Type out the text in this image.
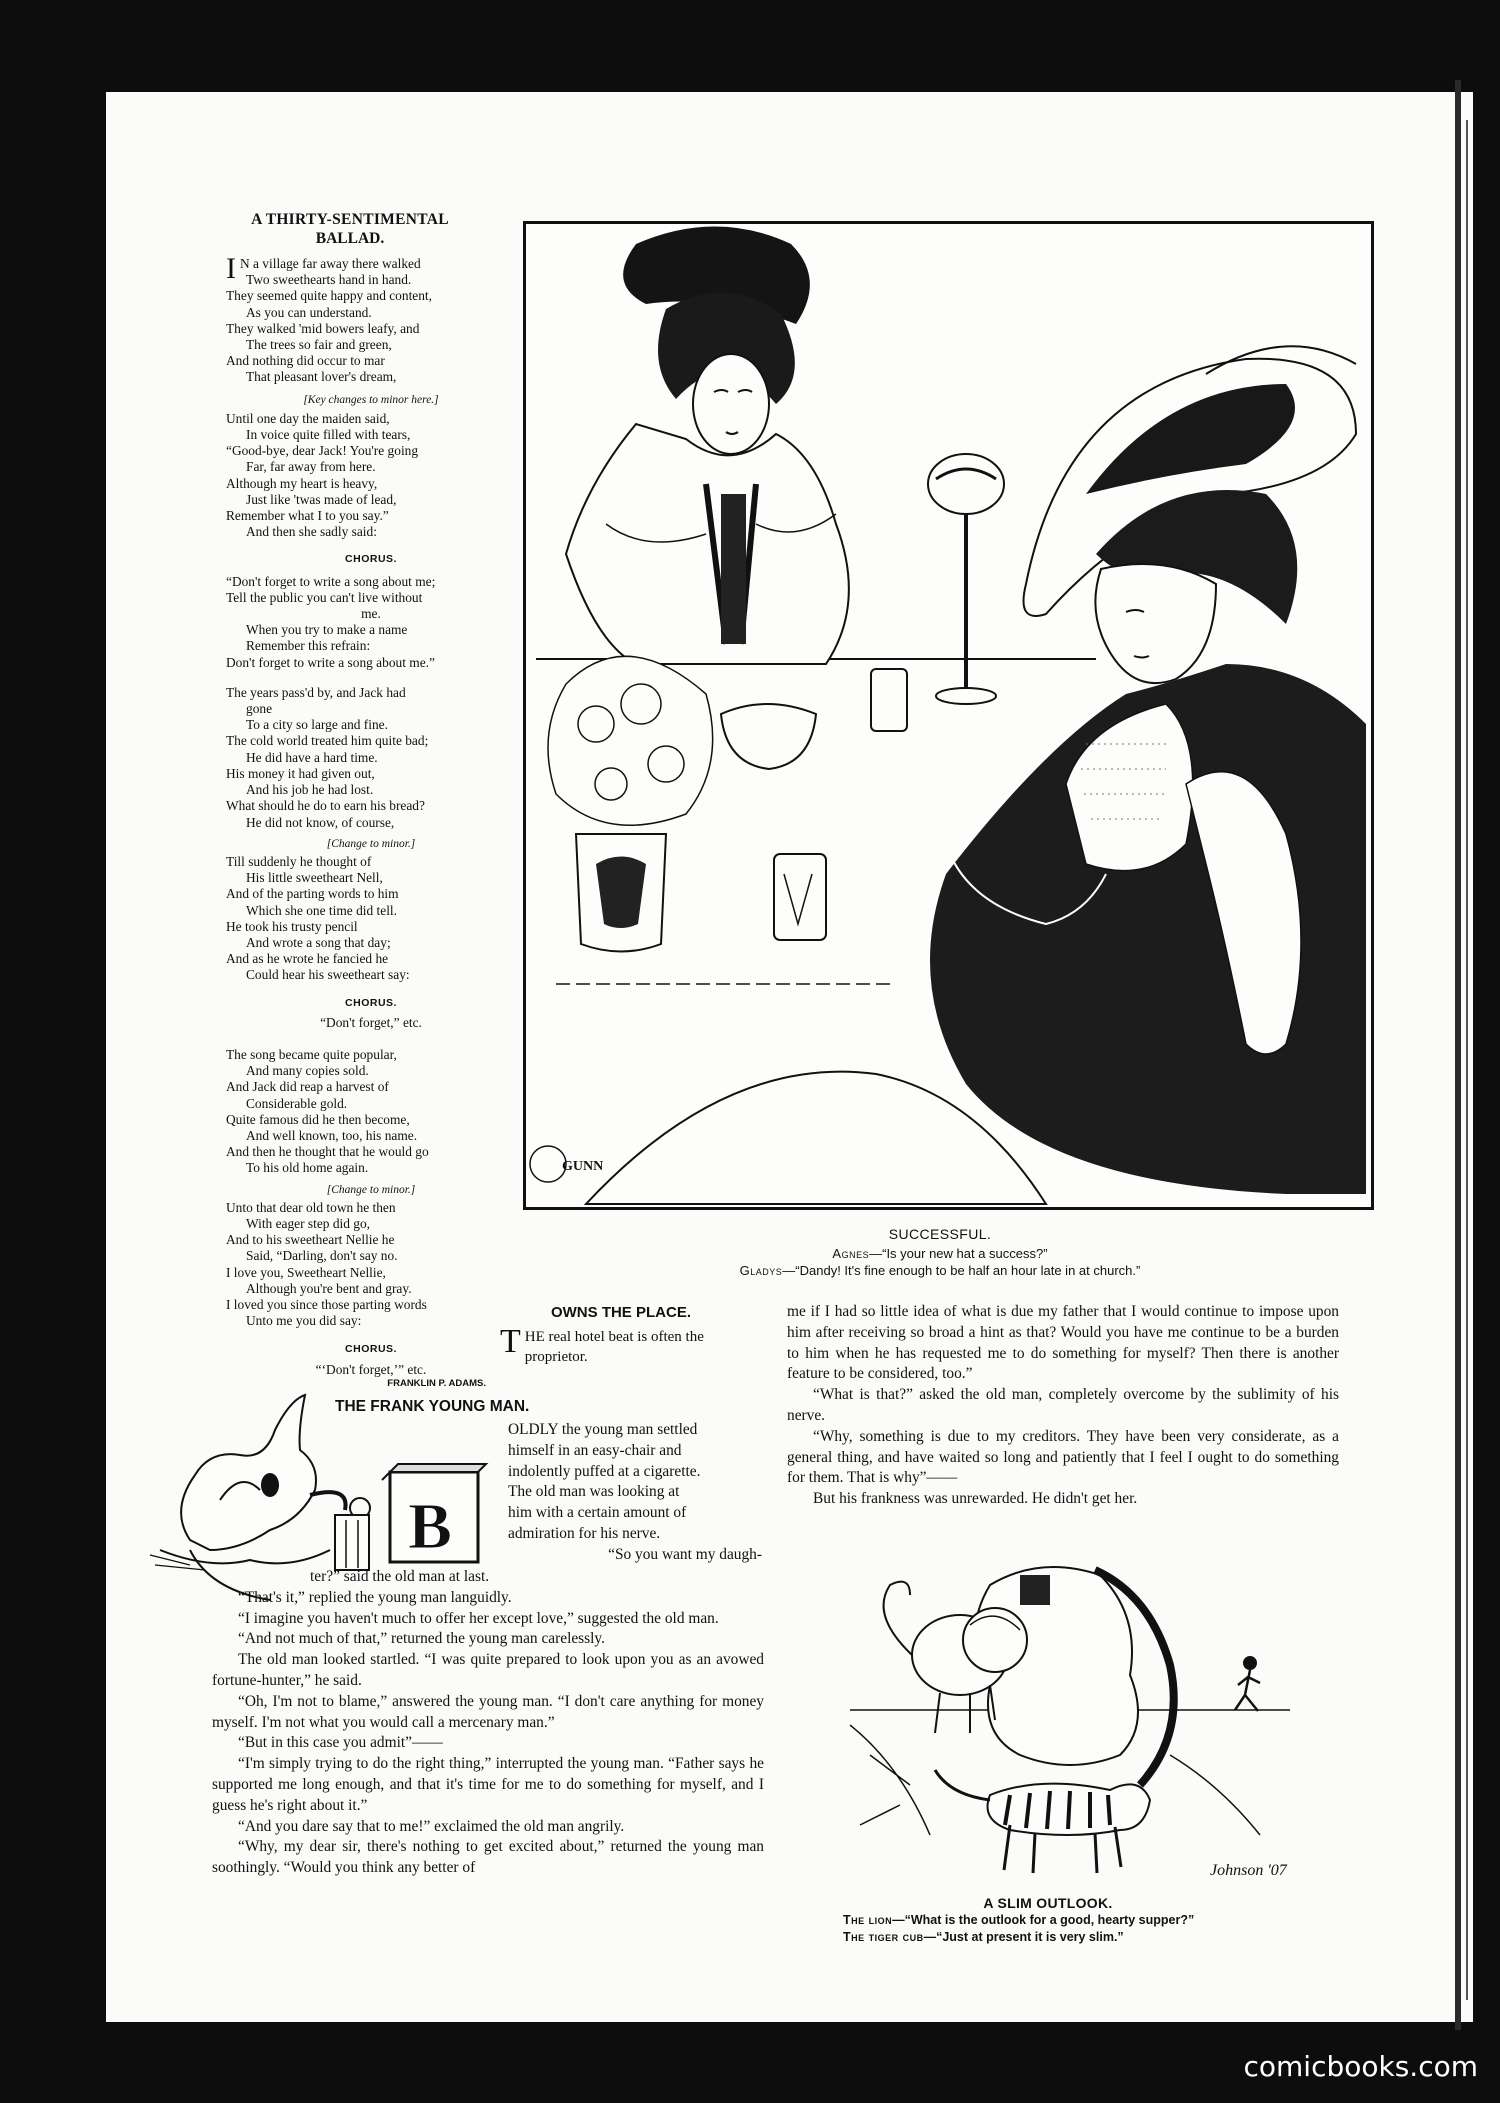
A THIRTY-SENTIMENTAL
BALLAD.
I N a village far away there walked
Two sweethearts hand in hand.
They seemed quite happy and content,
As you can understand.
They walked 'mid bowers leafy, and
The trees so fair and green,
And nothing did occur to mar
That pleasant lover's dream,
[Key changes to minor here.]
Until one day the maiden said,
In voice quite filled with tears,
“Good-bye, dear Jack! You're going
Far, far away from here.
Although my heart is heavy,
Just like 'twas made of lead,
Remember what I to you say.”
And then she sadly said:
CHORUS.
“Don't forget to write a song about me;
Tell the public you can't live without
me.
When you try to make a name
Remember this refrain:
Don't forget to write a song about me.”
The years pass'd by, and Jack had
gone
To a city so large and fine.
The cold world treated him quite bad;
He did have a hard time.
His money it had given out,
And his job he had lost.
What should he do to earn his bread?
He did not know, of course,
[Change to minor.]
Till suddenly he thought of
His little sweetheart Nell,
And of the parting words to him
Which she one time did tell.
He took his trusty pencil
And wrote a song that day;
And as he wrote he fancied he
Could hear his sweetheart say:
CHORUS.
“Don't forget,” etc.
The song became quite popular,
And many copies sold.
And Jack did reap a harvest of
Considerable gold.
Quite famous did he then become,
And well known, too, his name.
And then he thought that he would go
To his old home again.
[Change to minor.]
Unto that dear old town he then
With eager step did go,
And to his sweetheart Nellie he
Said, “Darling, don't say no.
I love you, Sweetheart Nellie,
Although you're bent and gray.
I loved you since those parting words
Unto me you did say:
CHORUS.
“‘Don't forget,’” etc.
FRANKLIN P. ADAMS.
GUNN
SUCCESSFUL.
Agnes—“Is your new hat a success?”
Gladys—“Dandy! It's fine enough to be half an hour late in at church.”
OWNS THE PLACE.
THE real hotel beat is often the proprietor.
THE FRANK YOUNG MAN.
B
OLDLY the young man settled
himself in an easy-chair and
indolently puffed at a cigarette.
The old man was looking at
him with a certain amount of
admiration for his nerve.
“So you want my daugh-

ter?” said the old man at last.

“That's it,” replied the young man languidly.

“I imagine you haven't much to offer her except love,” suggested the old man.

“And not much of that,” returned the young man carelessly.

The old man looked startled. “I was quite prepared to look upon you as an avowed fortune-hunter,” he said.

“Oh, I'm not to blame,” answered the young man. “I don't care anything for money myself. I'm not what you would call a mercenary man.”

“But in this case you admit”——

“I'm simply trying to do the right thing,” interrupted the young man. “Father says he supported me long enough, and that it's time for me to do something for myself, and I guess he's right about it.”

“And you dare say that to me!” exclaimed the old man angrily.

“Why, my dear sir, there's nothing to get excited about,” returned the young man soothingly. “Would you think any better of

me if I had so little idea of what is due my father that I would continue to impose upon him after receiving so broad a hint as that? Would you have me continue to be a burden to him when he has requested me to do something for myself? Then there is another feature to be considered, too.”

“What is that?” asked the old man, completely overcome by the sublimity of his nerve.

“Why, something is due to my creditors. They have been very considerate, as a general thing, and have waited so long and patiently that I feel I ought to do something for them. That is why”——

But his frankness was unrewarded. He didn't get her.

Johnson '07
A SLIM OUTLOOK.
The lion—“What is the outlook for a good, hearty supper?”
The tiger cub—“Just at present it is very slim.”
comicbooks.com
